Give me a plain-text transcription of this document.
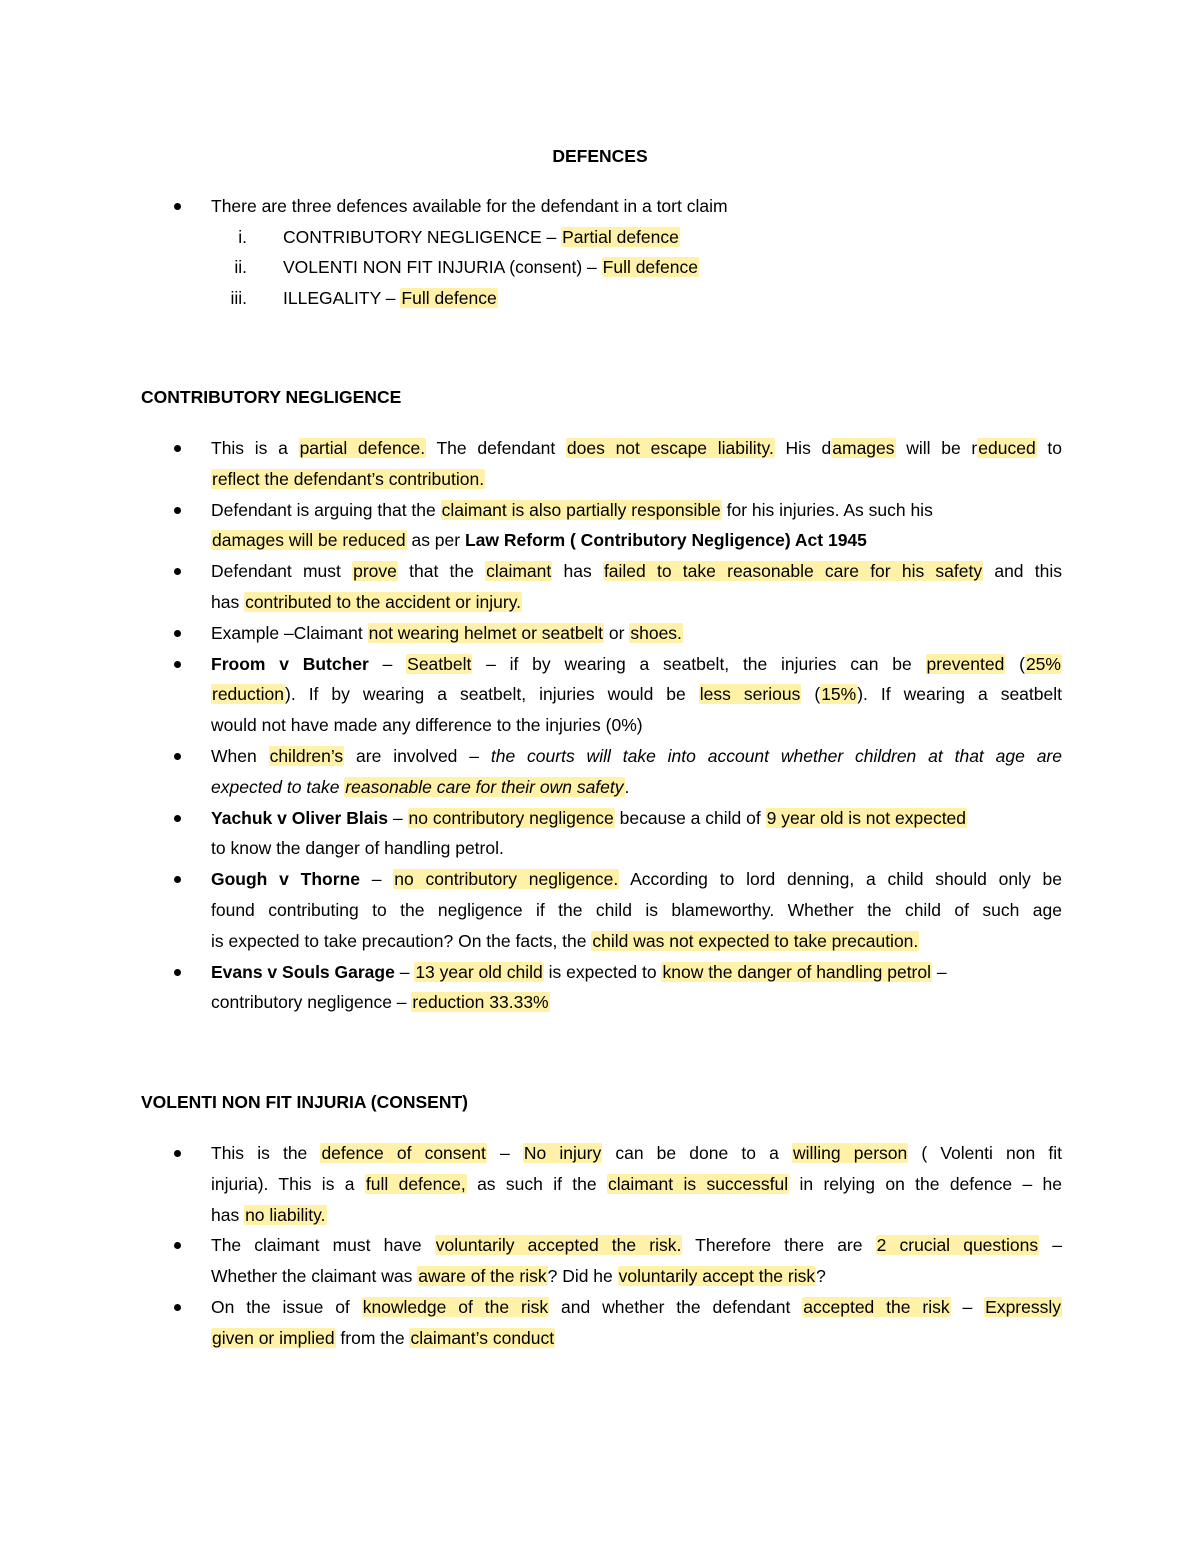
DEFENCES
There are three defences available for the defendant in a tort claim
i. CONTRIBUTORY NEGLIGENCE – Partial defence
ii. VOLENTI NON FIT INJURIA (consent) – Full defence
iii. ILLEGALITY – Full defence
CONTRIBUTORY NEGLIGENCE
This is a partial defence. The defendant does not escape liability. His damages will be reduced to
reflect the defendant’s contribution.
Defendant is arguing that the claimant is also partially responsible for his injuries. As such his
damages will be reduced as per Law Reform ( Contributory Negligence) Act 1945
Defendant must prove that the claimant has failed to take reasonable care for his safety and this
has contributed to the accident or injury.
Example –Claimant not wearing helmet or seatbelt or shoes.
Froom v Butcher – Seatbelt – if by wearing a seatbelt, the injuries can be prevented (25%
reduction). If by wearing a seatbelt, injuries would be less serious (15%). If wearing a seatbelt
would not have made any difference to the injuries (0%)
When children’s are involved – the courts will take into account whether children at that age are
expected to take reasonable care for their own safety.
Yachuk v Oliver Blais – no contributory negligence because a child of 9 year old is not expected
to know the danger of handling petrol.
Gough v Thorne – no contributory negligence. According to lord denning, a child should only be
found contributing to the negligence if the child is blameworthy. Whether the child of such age
is expected to take precaution? On the facts, the child was not expected to take precaution.
Evans v Souls Garage – 13 year old child is expected to know the danger of handling petrol –
contributory negligence – reduction 33.33%
VOLENTI NON FIT INJURIA (CONSENT)
This is the defence of consent – No injury can be done to a willing person ( Volenti non fit
injuria). This is a full defence, as such if the claimant is successful in relying on the defence – he
has no liability.
The claimant must have voluntarily accepted the risk. Therefore there are 2 crucial questions –
Whether the claimant was aware of the risk? Did he voluntarily accept the risk?
On the issue of knowledge of the risk and whether the defendant accepted the risk – Expressly
given or implied from the claimant’s conduct
